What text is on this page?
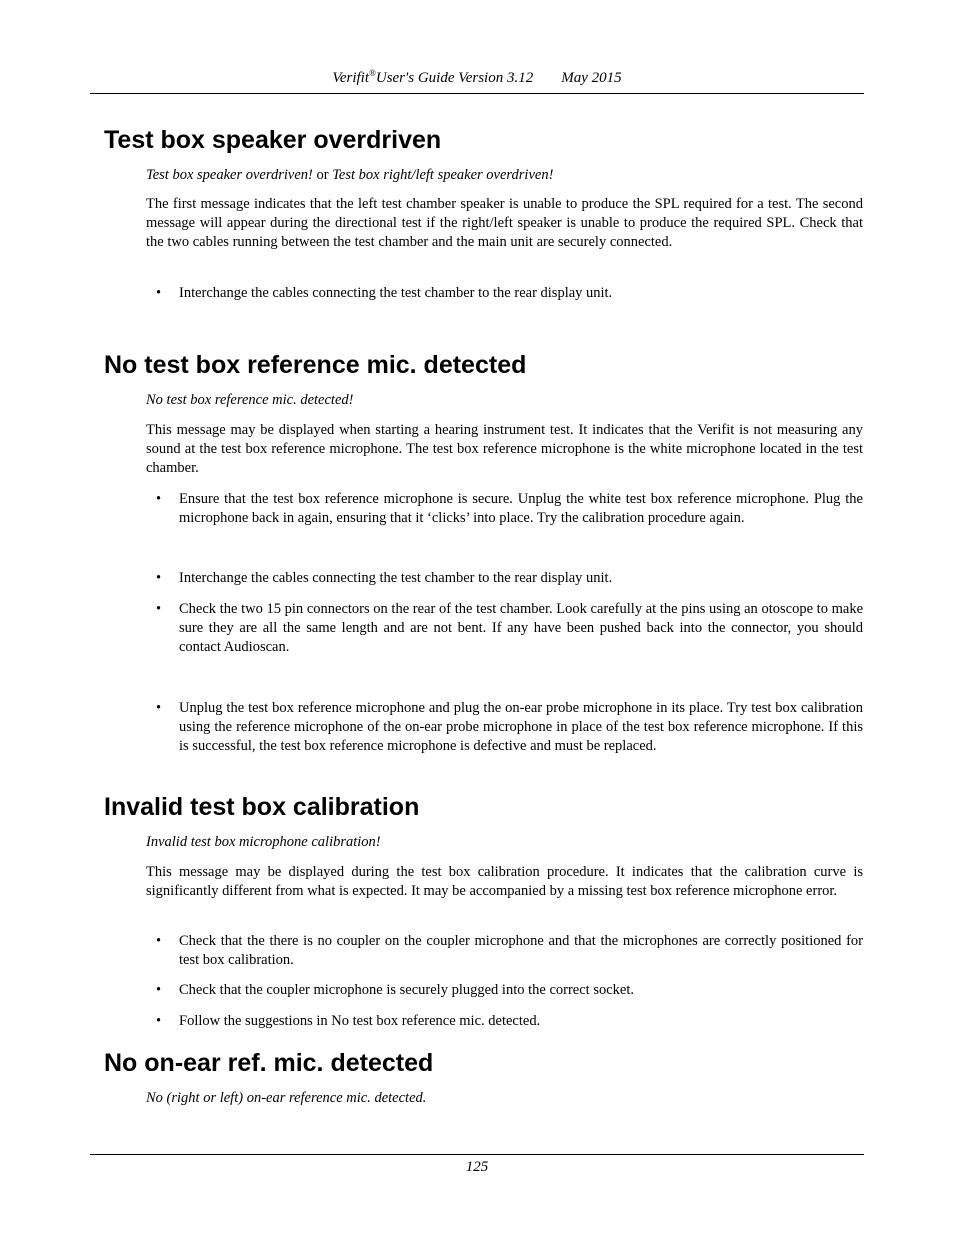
Verifit®User's Guide Version 3.12 May 2015
Test box speaker overdriven
Test box speaker overdriven! or Test box right/left speaker overdriven!

The first message indicates that the left test chamber speaker is unable to produce the SPL required for a test. The second message will appear during the directional test if the right/left speaker is unable to produce the required SPL. Check that the two cables running between the test chamber and the main unit are securely connected.

• Interchange the cables connecting the test chamber to the rear display unit.
No test box reference mic. detected
No test box reference mic. detected!

This message may be displayed when starting a hearing instrument test. It indicates that the Verifit is not measuring any sound at the test box reference microphone. The test box reference microphone is the white microphone located in the test chamber.

• Ensure that the test box reference microphone is secure. Unplug the white test box reference microphone. Plug the microphone back in again, ensuring that it ‘clicks’ into place. Try the calibration procedure again.
• Interchange the cables connecting the test chamber to the rear display unit.
• Check the two 15 pin connectors on the rear of the test chamber. Look carefully at the pins using an otoscope to make sure they are all the same length and are not bent. If any have been pushed back into the connector, you should contact Audioscan.
• Unplug the test box reference microphone and plug the on-ear probe microphone in its place. Try test box calibration using the reference microphone of the on-ear probe microphone in place of the test box reference microphone. If this is successful, the test box reference microphone is defective and must be replaced.
Invalid test box calibration
Invalid test box microphone calibration!

This message may be displayed during the test box calibration procedure. It indicates that the calibration curve is significantly different from what is expected. It may be accompanied by a missing test box reference microphone error.

• Check that the there is no coupler on the coupler microphone and that the microphones are correctly positioned for test box calibration.
• Check that the coupler microphone is securely plugged into the correct socket.
• Follow the suggestions in No test box reference mic. detected.
No on-ear ref. mic. detected
No (right or left) on-ear reference mic. detected.
125
